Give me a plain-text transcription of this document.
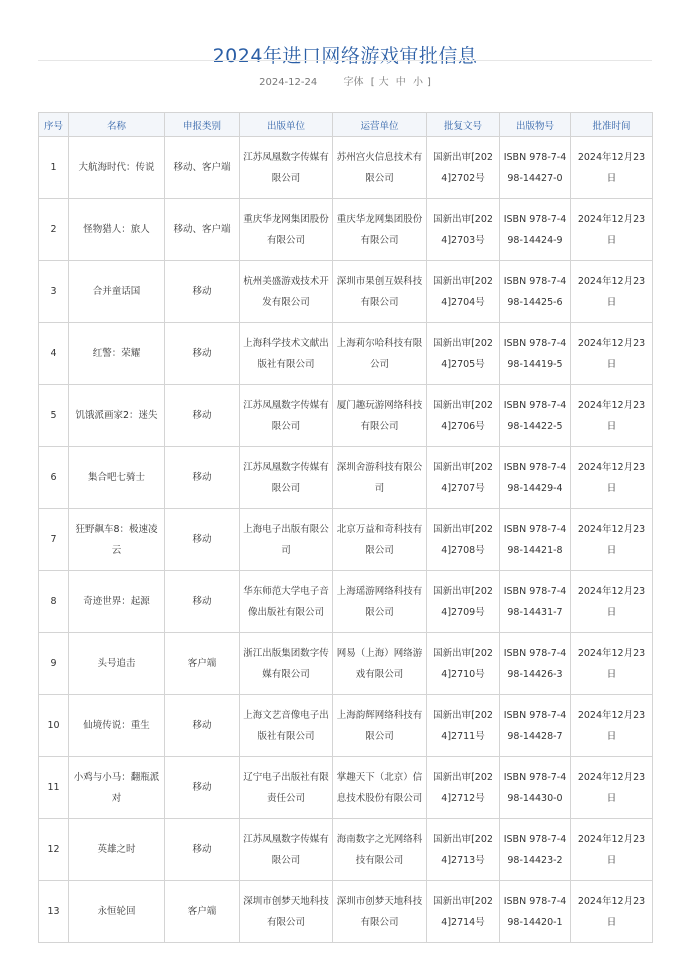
2024年进口网络游戏审批信息
2024-12-24	字体 [ 大 中 小 ]
序号	名称	申报类别	出版单位	运营单位	批复文号	出版物号	批准时间
1	大航海时代：传说	移动、客户端	江苏凤凰数字传媒有限公司	苏州宫火信息技术有限公司	国新出审[2024]2702号	ISBN 978-7-498-14427-0	2024年12月23日
2	怪物猎人：旅人	移动、客户端	重庆华龙网集团股份有限公司	重庆华龙网集团股份有限公司	国新出审[2024]2703号	ISBN 978-7-498-14424-9	2024年12月23日
3	合并童话国	移动	杭州美盛游戏技术开发有限公司	深圳市果创互娱科技有限公司	国新出审[2024]2704号	ISBN 978-7-498-14425-6	2024年12月23日
4	红警：荣耀	移动	上海科学技术文献出版社有限公司	上海莉尔哈科技有限公司	国新出审[2024]2705号	ISBN 978-7-498-14419-5	2024年12月23日
5	饥饿派画家2：迷失	移动	江苏凤凰数字传媒有限公司	厦门趣玩游网络科技有限公司	国新出审[2024]2706号	ISBN 978-7-498-14422-5	2024年12月23日
6	集合吧七骑士	移动	江苏凤凰数字传媒有限公司	深圳舍游科技有限公司	国新出审[2024]2707号	ISBN 978-7-498-14429-4	2024年12月23日
7	狂野飙车8：极速凌云	移动	上海电子出版有限公司	北京万益和奇科技有限公司	国新出审[2024]2708号	ISBN 978-7-498-14421-8	2024年12月23日
8	奇迹世界：起源	移动	华东师范大学电子音像出版社有限公司	上海瑶游网络科技有限公司	国新出审[2024]2709号	ISBN 978-7-498-14431-7	2024年12月23日
9	头号追击	客户端	浙江出版集团数字传媒有限公司	网易（上海）网络游戏有限公司	国新出审[2024]2710号	ISBN 978-7-498-14426-3	2024年12月23日
10	仙境传说：重生	移动	上海文艺音像电子出版社有限公司	上海韵辉网络科技有限公司	国新出审[2024]2711号	ISBN 978-7-498-14428-7	2024年12月23日
11	小鸡与小马：翻瓶派对	移动	辽宁电子出版社有限责任公司	掌趣天下（北京）信息技术股份有限公司	国新出审[2024]2712号	ISBN 978-7-498-14430-0	2024年12月23日
12	英雄之时	移动	江苏凤凰数字传媒有限公司	海南数字之光网络科技有限公司	国新出审[2024]2713号	ISBN 978-7-498-14423-2	2024年12月23日
13	永恒轮回	客户端	深圳市创梦天地科技有限公司	深圳市创梦天地科技有限公司	国新出审[2024]2714号	ISBN 978-7-498-14420-1	2024年12月23日
